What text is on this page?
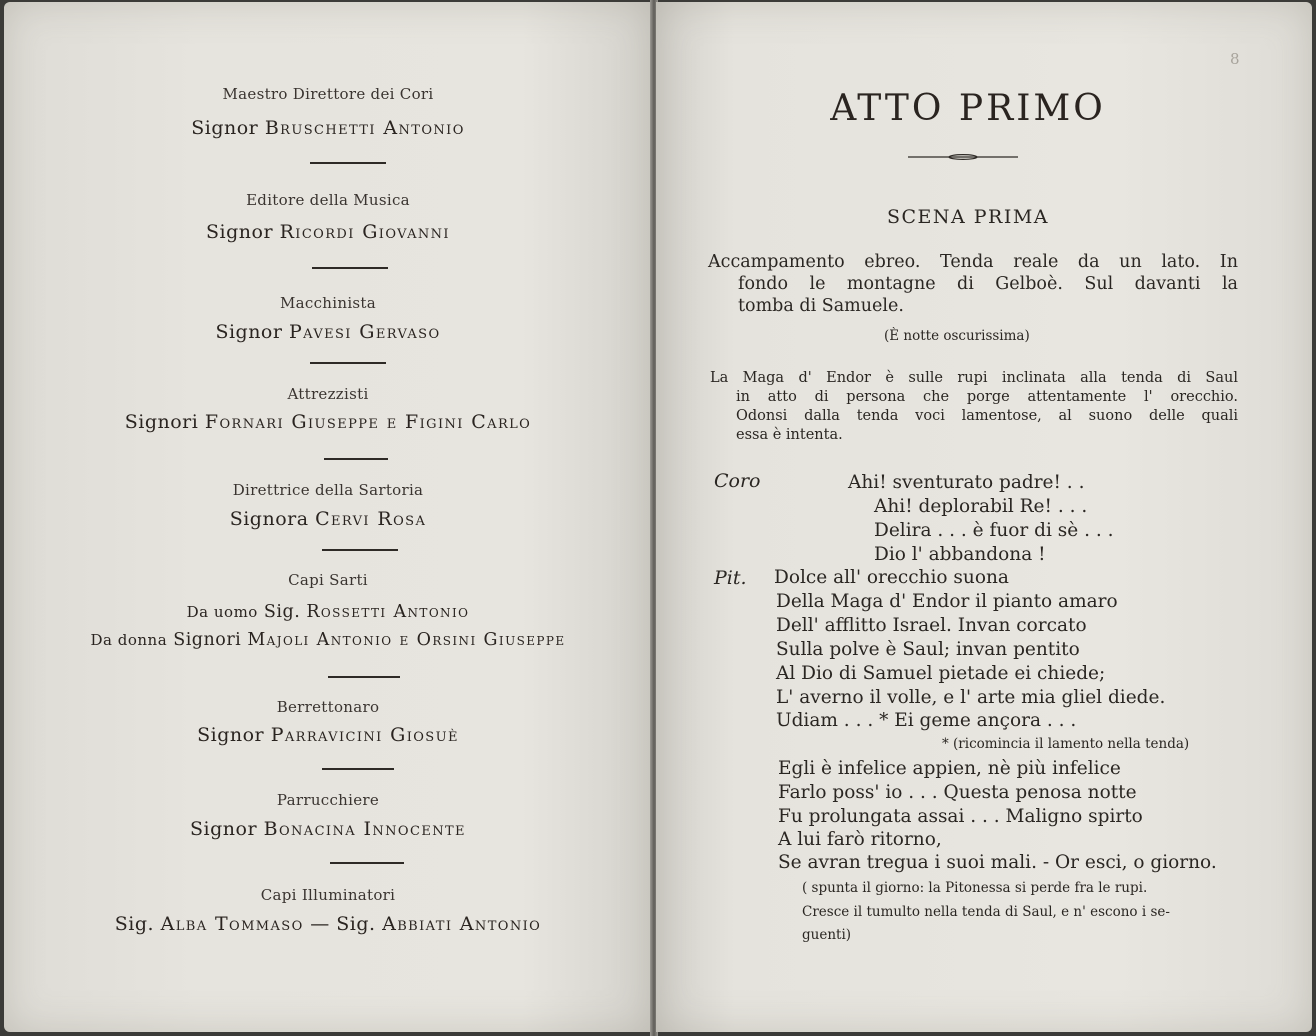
Maestro Direttore dei Cori
Signor Bruschetti Antonio
Editore della Musica
Signor Ricordi Giovanni
Macchinista
Signor Pavesi Gervaso
Attrezzisti
Signori Fornari Giuseppe e Figini Carlo
Direttrice della Sartoria
Signora Cervi Rosa
Capi Sarti
Da uomo Sig. Rossetti Antonio
Da donna Signori Majoli Antonio e Orsini Giuseppe
Berrettonaro
Signor Parravicini Giosuè
Parrucchiere
Signor Bonacina Innocente
Capi Illuminatori
Sig. Alba Tommaso — Sig. Abbiati Antonio
8
ATTO PRIMO
SCENA PRIMA
Accampamento ebreo. Tenda reale da un lato. In
fondo le montagne di Gelboè. Sul davanti la
tomba di Samuele.
(È notte oscurissima)
La Maga d' Endor è sulle rupi inclinata alla tenda di Saul
in atto di persona che porge attentamente l' orecchio.
Odonsi dalla tenda voci lamentose, al suono delle quali
essa è intenta.
Coro	Ahi! sventurato padre! . .
Ahi! deplorabil Re! . . .
Delira . . . è fuor di sè . . .
Dio l' abbandona !
Pit. Dolce all' orecchio suona
Della Maga d' Endor il pianto amaro
Dell' afflitto Israel. Invan corcato
Sulla polve è Saul; invan pentito
Al Dio di Samuel pietade ei chiede;
L' averno il volle, e l' arte mia gliel diede.
Udiam . . . * Ei geme ançora . . .
* (ricomincia il lamento nella tenda)
Egli è infelice appien, nè più infelice
Farlo poss' io . . . Questa penosa notte
Fu prolungata assai . . . Maligno spirto
A lui farò ritorno,
Se avran tregua i suoi mali. - Or esci, o giorno.
( spunta il giorno: la Pitonessa si perde fra le rupi.
Cresce il tumulto nella tenda di Saul, e n' escono i se-
guenti)
